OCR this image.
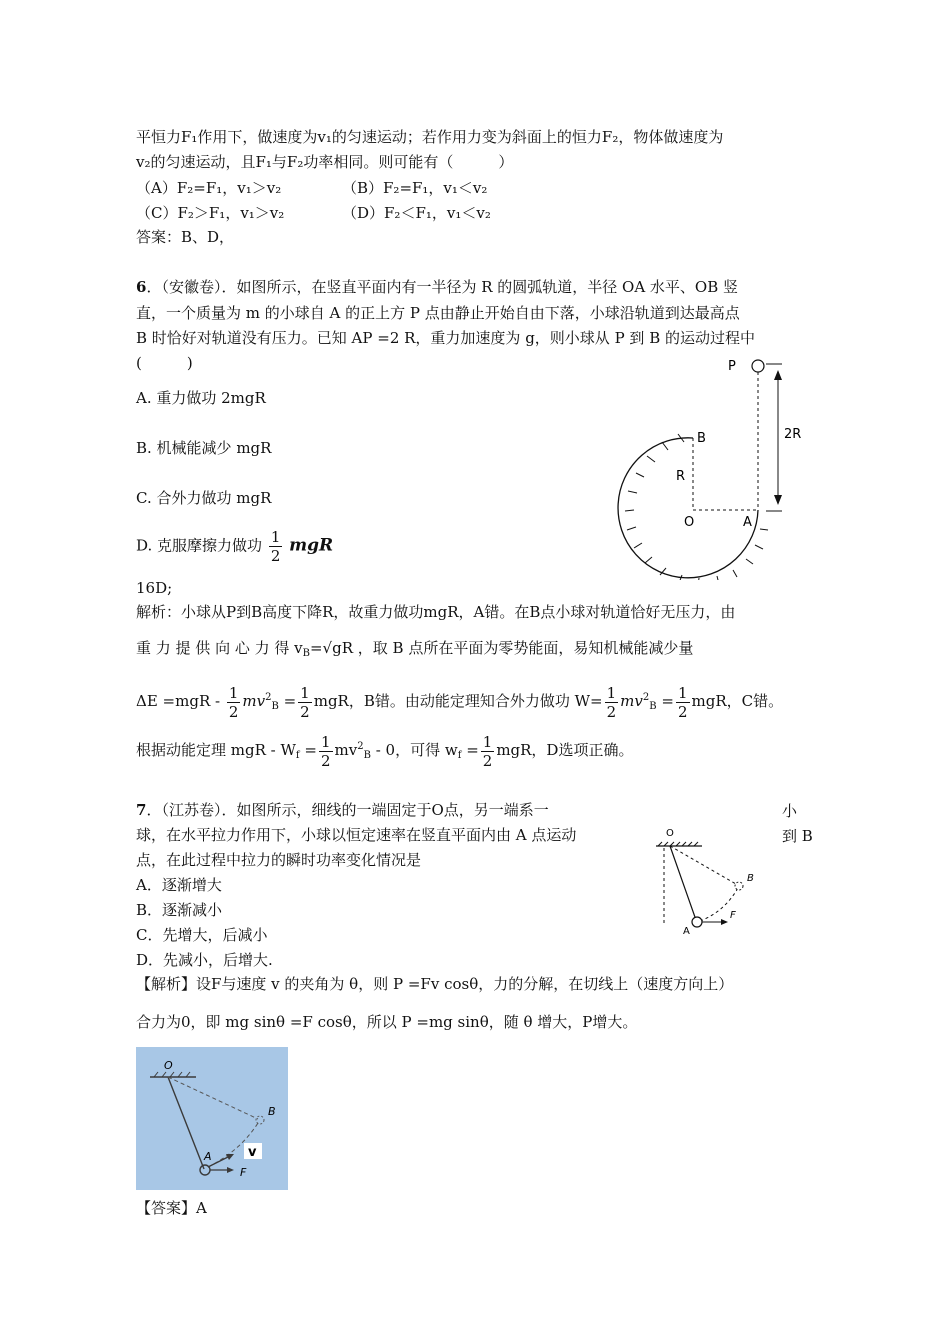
平恒力F₁作用下，做速度为v₁的匀速运动；若作用力变为斜面上的恒力F₂，物体做速度为
v₂的匀速运动，且F₁与F₂功率相同。则可能有（　　　）
（A）F₂=F₁，v₁＞v₂	（B）F₂=F₁，v₁＜v₂
（C）F₂＞F₁，v₁＞v₂	（D）F₂＜F₁，v₁＜v₂
答案：B、D，
6．（安徽卷）．如图所示，在竖直平面内有一半径为 R 的圆弧轨道，半径 OA 水平、OB 竖
直，一个质量为 m 的小球自 A 的正上方 P 点由静止开始自由下落，小球沿轨道到达最高点
B 时恰好对轨道没有压力。已知 AP =2 R，重力加速度为 g，则小球从 P 到 B 的运动过程中
(　　　)
A. 重力做功 2mgR
B. 机械能减少 mgR
C. 合外力做功 mgR
D. 克服摩擦力做功 $\frac{1}{2}$ mgR
16D;
解析：小球从P到B高度下降R，故重力做功mgR，A错。在B点小球对轨道恰好无压力，由
重 力 提 供 向 心 力 得 $v_B=√gR$ ，取 B 点所在平面为零势能面，易知机械能减少量
$\Delta E =mgR - \frac{1}{2} mv^2_B = \frac{1}{2}$ mgR，B错。由动能定理知合外力做功 $W= \frac{1}{2} mv^2_B = \frac{1}{2}$ mgR，C错。
根据动能定理 mgR - $W_f = \frac{1}{2} mv^2_B - 0$，可得 $w_f = \frac{1}{2}$ mgR，D选项正确。
P
B
R
O	A
2R
7．（江苏卷）．如图所示，细线的一端固定于O点，另一端系一	小
球，在水平拉力作用下，小球以恒定速率在竖直平面内由 A 点运动	到 B
点，在此过程中拉力的瞬时功率变化情况是
A．逐渐增大
B．逐渐减小
C．先增大，后减小
D．先减小，后增大.
【解析】设F与速度 v 的夹角为 θ，则 P =Fv cosθ，力的分解，在切线上（速度方向上）
合力为0，即 mg sinθ =F cosθ，所以 P =mg sinθ，随 θ 增大，P增大。
O
B
A
F
v
O
B
A
F
【答案】A
